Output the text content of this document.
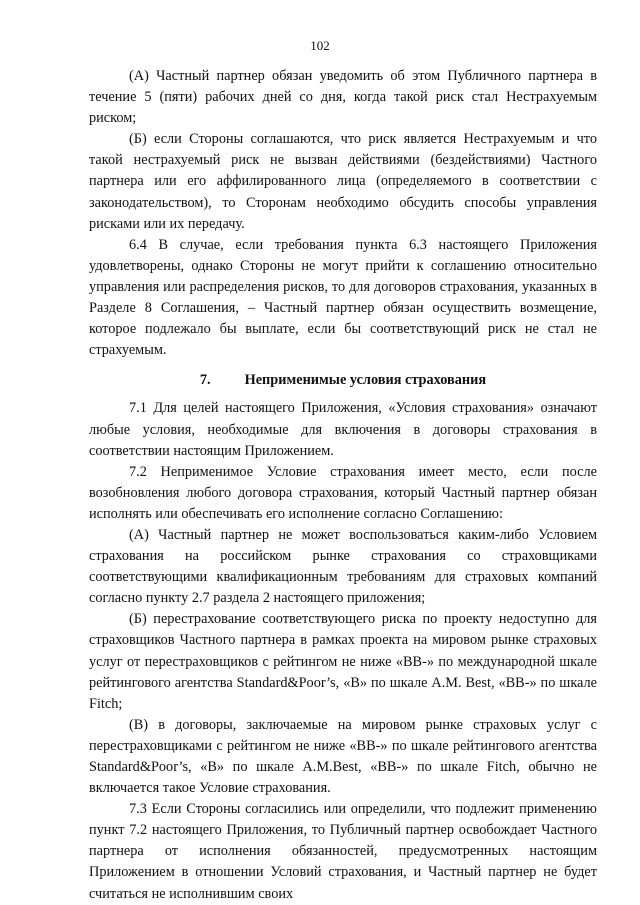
102

(А) Частный партнер обязан уведомить об этом Публичного партнера в течение 5 (пяти) рабочих дней со дня, когда такой риск стал Нестрахуемым риском;

(Б) если Стороны соглашаются, что риск является Нестрахуемым и что такой нестрахуемый риск не вызван действиями (бездействиями) Частного партнера или его аффилированного лица (определяемого в соответствии с законодательством), то Сторонам необходимо обсудить способы управления рисками или их передачу.

6.4 В случае, если требования пункта 6.3 настоящего Приложения удовлетворены, однако Стороны не могут прийти к соглашению относительно управления или распределения рисков, то для договоров страхования, указанных в Разделе 8 Соглашения, – Частный партнер обязан осуществить возмещение, которое подлежало бы выплате, если бы соответствующий риск не стал не страхуемым.

7. Неприменимые условия страхования

7.1 Для целей настоящего Приложения, «Условия страхования» означают любые условия, необходимые для включения в договоры страхования в соответствии настоящим Приложением.

7.2 Неприменимое Условие страхования имеет место, если после возобновления любого договора страхования, который Частный партнер обязан исполнять или обеспечивать его исполнение согласно Соглашению:

(А) Частный партнер не может воспользоваться каким-либо Условием страхования на российском рынке страхования со страховщиками соответствующими квалификационным требованиям для страховых компаний согласно пункту 2.7 раздела 2 настоящего приложения;

(Б) перестрахование соответствующего риска по проекту недоступно для страховщиков Частного партнера в рамках проекта на мировом рынке страховых услуг от перестраховщиков с рейтингом не ниже «BB-» по международной шкале рейтингового агентства Standard&Poor’s, «B» по шкале A.M. Best, «BB-» по шкале Fitch;

(В) в договоры, заключаемые на мировом рынке страховых услуг с перестраховщиками с рейтингом не ниже «BB-» по шкале рейтингового агентства Standard&Poor’s, «B» по шкале A.M.Best, «BB-» по шкале Fitch, обычно не включается такое Условие страхования.

7.3 Если Стороны согласились или определили, что подлежит применению пункт 7.2 настоящего Приложения, то Публичный партнер освобождает Частного партнера от исполнения обязанностей, предусмотренных настоящим Приложением в отношении Условий страхования, и Частный партнер не будет считаться не исполнившим своих
